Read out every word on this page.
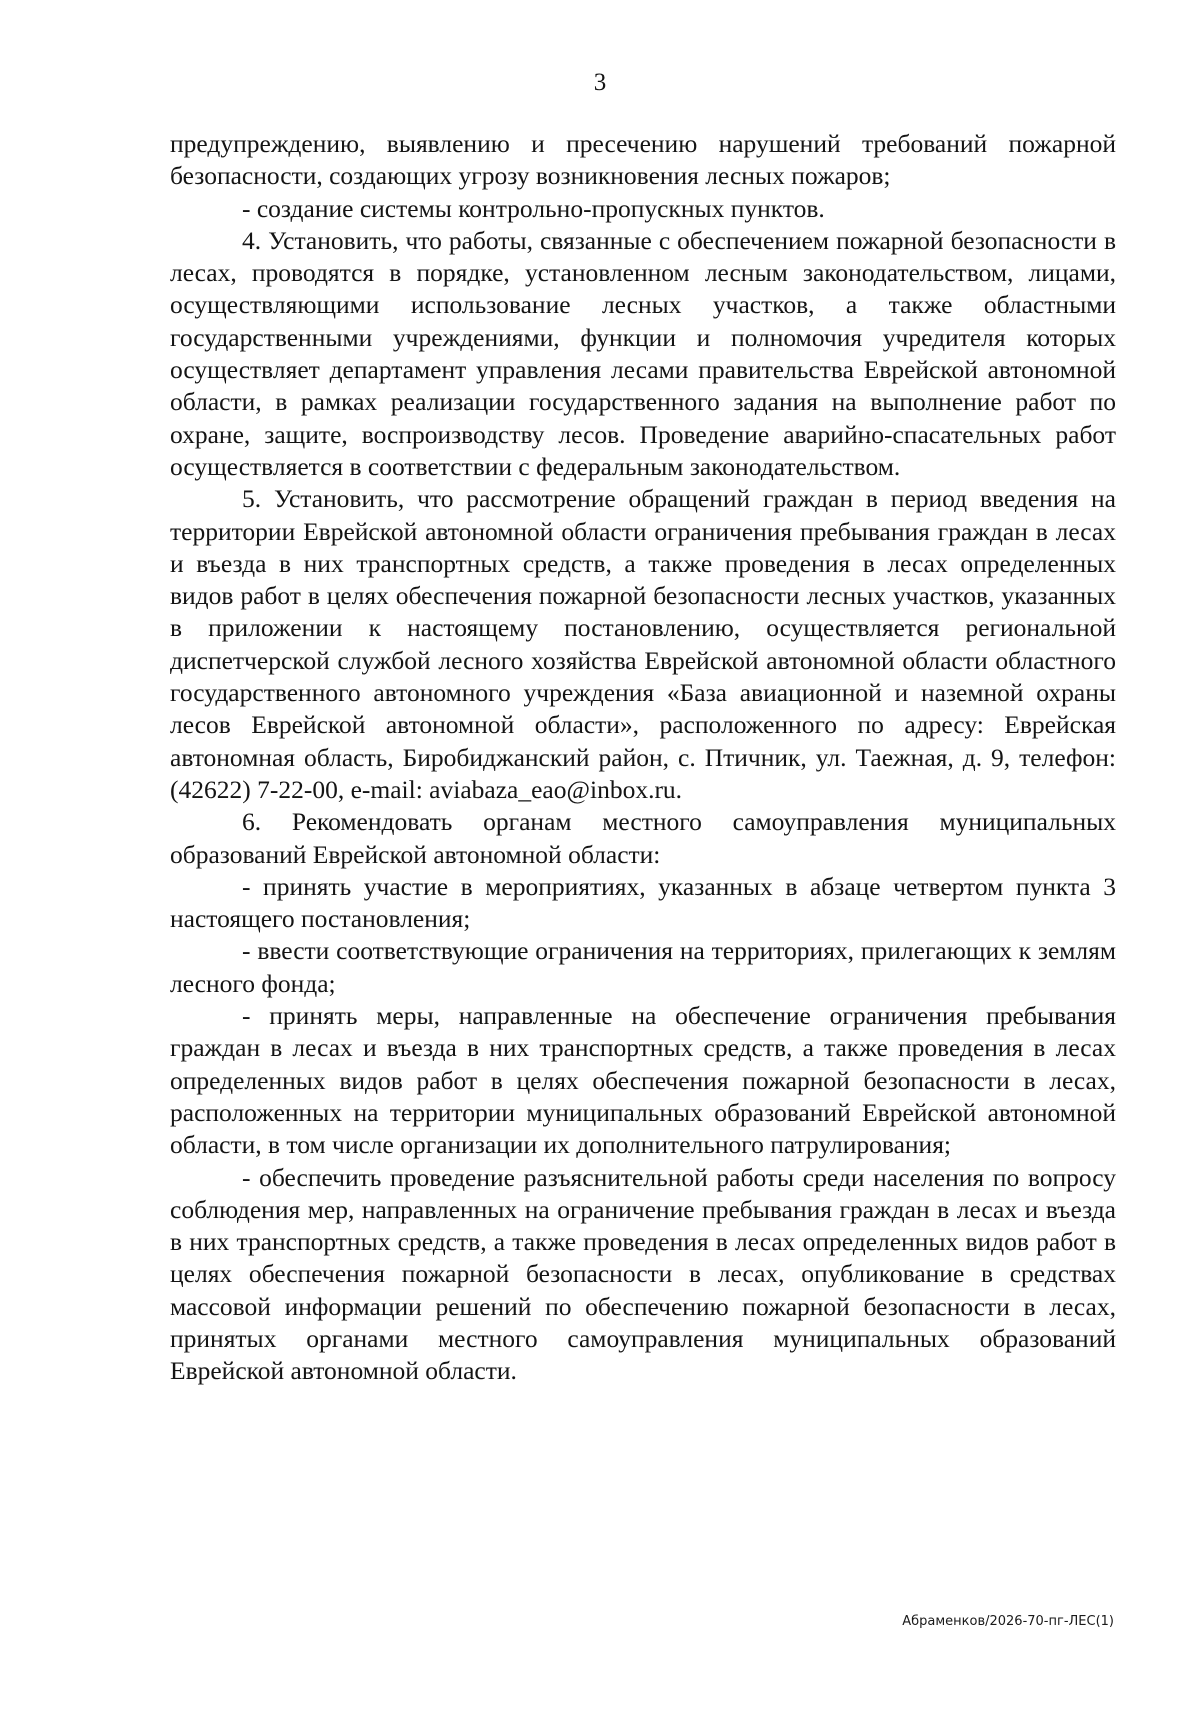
3

предупреждению, выявлению и пресечению нарушений требований пожарной безопасности, создающих угрозу возникновения лесных пожаров;

- создание системы контрольно-пропускных пунктов.

4. Установить, что работы, связанные с обеспечением пожарной безопасности в лесах, проводятся в порядке, установленном лесным законодательством, лицами, осуществляющими использование лесных участков, а также областными государственными учреждениями, функции и полномочия учредителя которых осуществляет департамент управления лесами правительства Еврейской автономной области, в рамках реализации государственного задания на выполнение работ по охране, защите, воспроизводству лесов. Проведение аварийно-спасательных работ осуществляется в соответствии с федеральным законодательством.

5. Установить, что рассмотрение обращений граждан в период введения на территории Еврейской автономной области ограничения пребывания граждан в лесах и въезда в них транспортных средств, а также проведения в лесах определенных видов работ в целях обеспечения пожарной безопасности лесных участков, указанных в приложении к настоящему постановлению, осуществляется региональной диспетчерской службой лесного хозяйства Еврейской автономной области областного государственного автономного учреждения «База авиационной и наземной охраны лесов Еврейской автономной области», расположенного по адресу: Еврейская автономная область, Биробиджанский район, с. Птичник, ул. Таежная, д. 9, телефон: (42622) 7-22-00, e-mail: aviabaza_eao@inbox.ru.

6. Рекомендовать органам местного самоуправления муниципальных образований Еврейской автономной области:

- принять участие в мероприятиях, указанных в абзаце четвертом пункта 3 настоящего постановления;

- ввести соответствующие ограничения на территориях, прилегающих к землям лесного фонда;

- принять меры, направленные на обеспечение ограничения пребывания граждан в лесах и въезда в них транспортных средств, а также проведения в лесах определенных видов работ в целях обеспечения пожарной безопасности в лесах, расположенных на территории муниципальных образований Еврейской автономной области, в том числе организации их дополнительного патрулирования;

- обеспечить проведение разъяснительной работы среди населения по вопросу соблюдения мер, направленных на ограничение пребывания граждан в лесах и въезда в них транспортных средств, а также проведения в лесах определенных видов работ в целях обеспечения пожарной безопасности в лесах, опубликование в средствах массовой информации решений по обеспечению пожарной безопасности в лесах, принятых органами местного самоуправления муниципальных образований Еврейской автономной области.

Абраменков/2026-70-пг-ЛЕС(1)
